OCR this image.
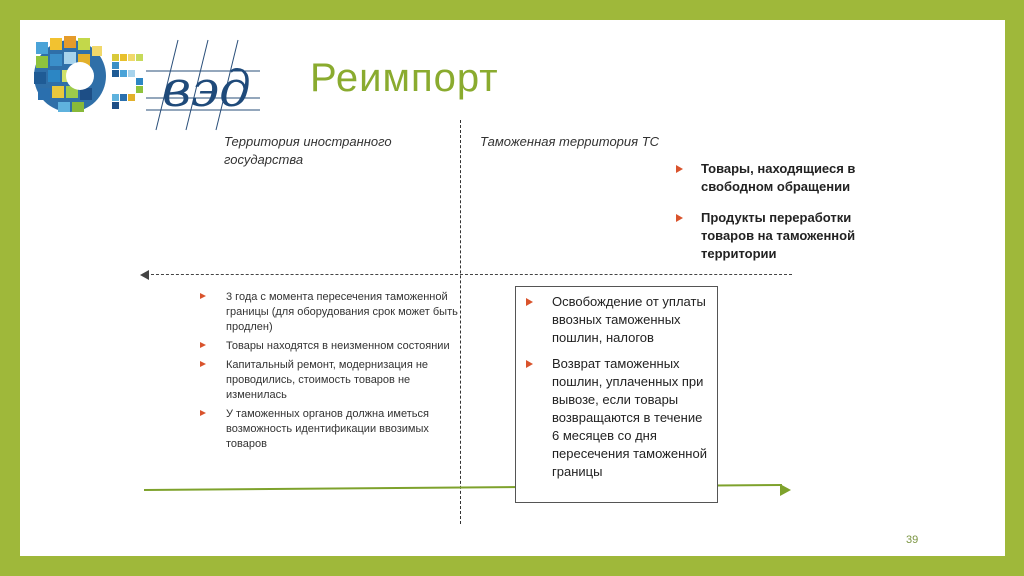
вэд Реимпорт
Территория иностранного государства
Таможенная территория ТС
Товары, находящиеся в свободном обращении
Продукты переработки товаров на таможенной территории
3 года с момента пересечения таможенной границы (для оборудования срок может быть продлен)
Товары находятся в неизменном состоянии
Капитальный ремонт, модернизация не проводились, стоимость товаров не изменилась
У таможенных органов должна иметься возможность идентификации ввозимых товаров
Освобождение от уплаты ввозных таможенных пошлин, налогов
Возврат таможенных пошлин, уплаченных при вывозе, если товары возвращаются в течение 6 месяцев со дня пересечения таможенной границы
39
